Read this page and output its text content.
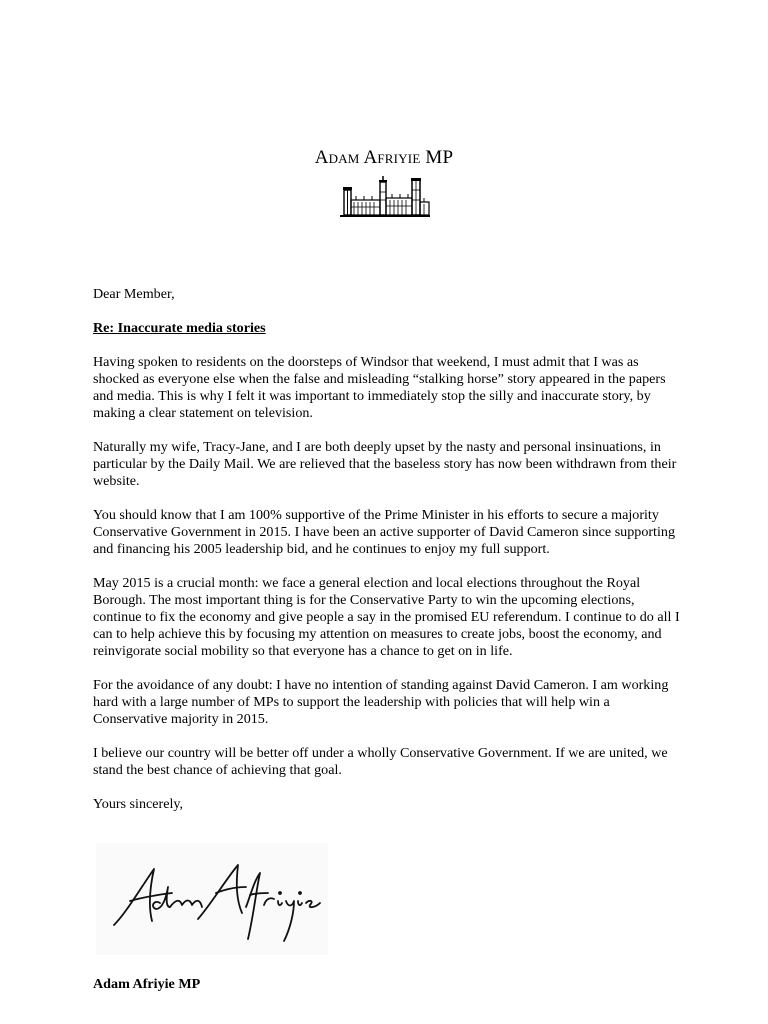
Adam Afriyie MP

Dear Member,

Re: Inaccurate media stories

Having spoken to residents on the doorsteps of Windsor that weekend, I must admit that I was as shocked as everyone else when the false and misleading “stalking horse” story appeared in the papers and media. This is why I felt it was important to immediately stop the silly and inaccurate story, by making a clear statement on television.

Naturally my wife, Tracy-Jane, and I are both deeply upset by the nasty and personal insinuations, in particular by the Daily Mail. We are relieved that the baseless story has now been withdrawn from their website.

You should know that I am 100% supportive of the Prime Minister in his efforts to secure a majority Conservative Government in 2015. I have been an active supporter of David Cameron since supporting and financing his 2005 leadership bid, and he continues to enjoy my full support.

May 2015 is a crucial month: we face a general election and local elections throughout the Royal Borough. The most important thing is for the Conservative Party to win the upcoming elections, continue to fix the economy and give people a say in the promised EU referendum. I continue to do all I can to help achieve this by focusing my attention on measures to create jobs, boost the economy, and reinvigorate social mobility so that everyone has a chance to get on in life.

For the avoidance of any doubt: I have no intention of standing against David Cameron. I am working hard with a large number of MPs to support the leadership with policies that will help win a Conservative majority in 2015.

I believe our country will be better off under a wholly Conservative Government. If we are united, we stand the best chance of achieving that goal.

Yours sincerely,

Adam Afriyie MP
